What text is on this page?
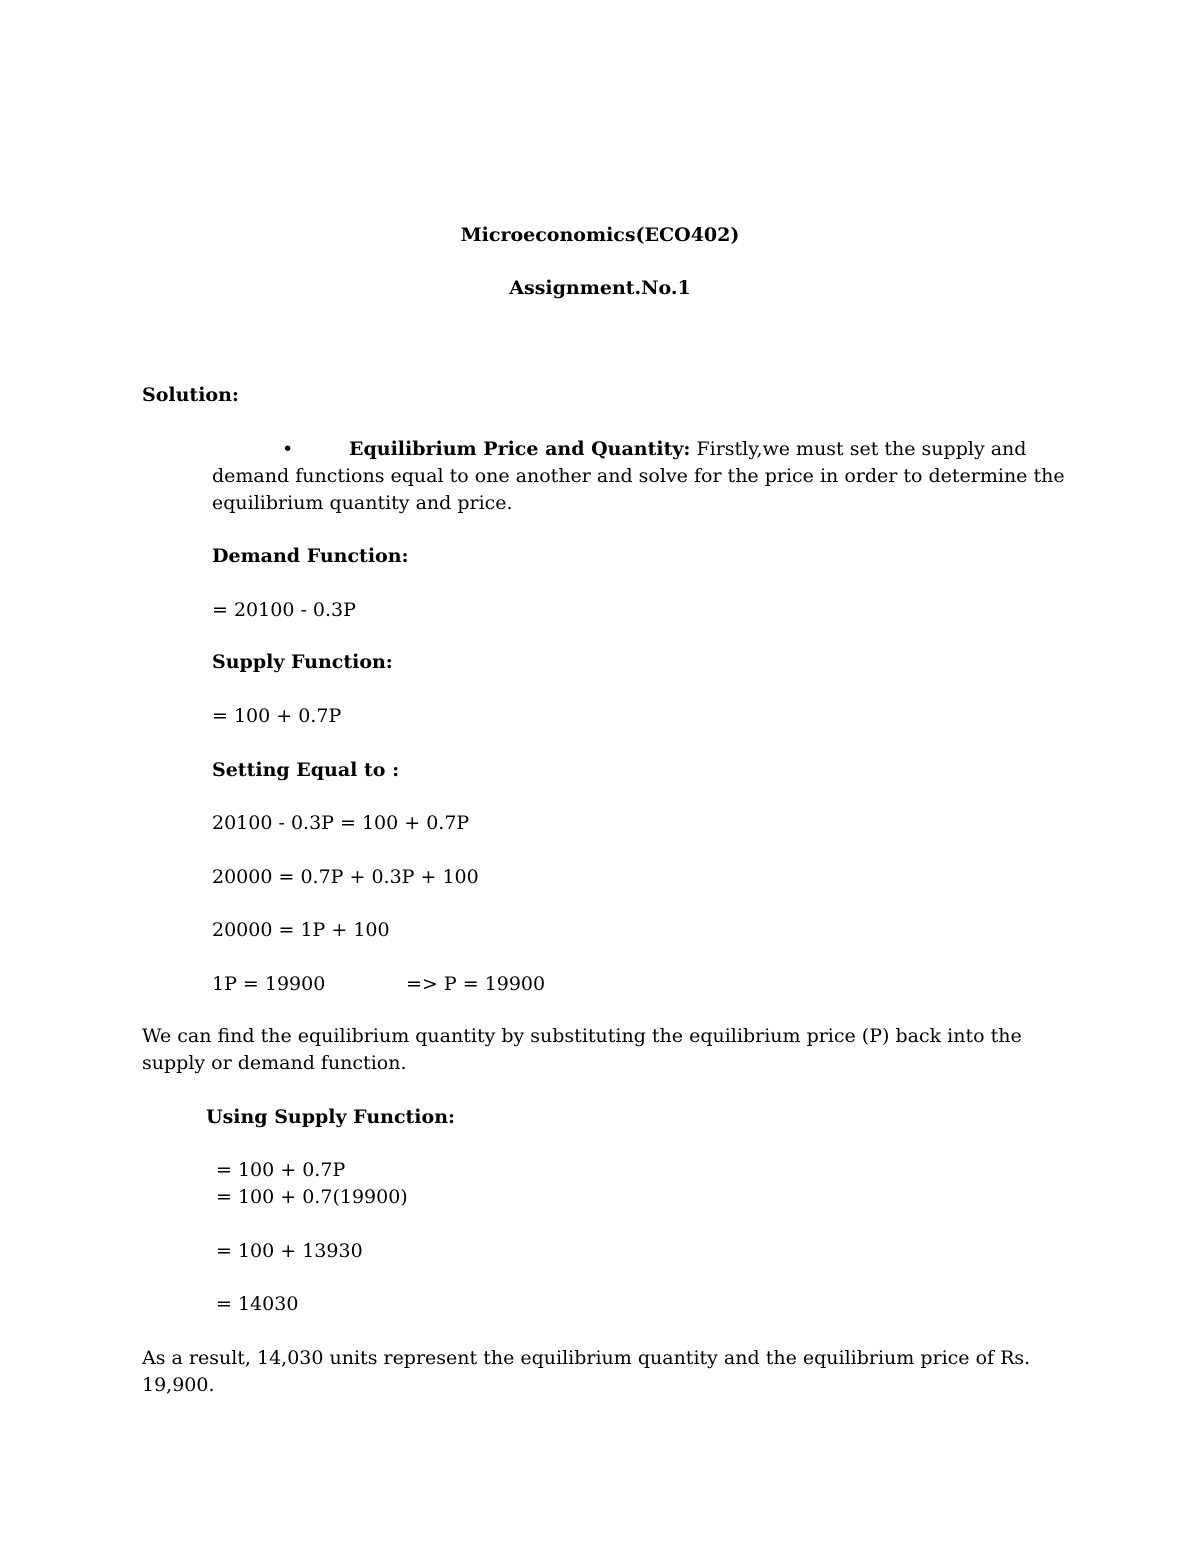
Microeconomics(ECO402)
Assignment.No.1
Solution:
•	Equilibrium Price and Quantity: Firstly,we must set the supply and
demand functions equal to one another and solve for the price in order to determine the
equilibrium quantity and price.
Demand Function:
= 20100 - 0.3P
Supply Function:
= 100 + 0.7P
Setting Equal to :
20100 - 0.3P = 100 + 0.7P
20000 = 0.7P + 0.3P + 100
20000 = 1P + 100
1P = 19900	=> P = 19900
We can find the equilibrium quantity by substituting the equilibrium price (P) back into the
supply or demand function.
Using Supply Function:
= 100 + 0.7P
= 100 + 0.7(19900)
= 100 + 13930
= 14030
As a result, 14,030 units represent the equilibrium quantity and the equilibrium price of Rs.
19,900.
